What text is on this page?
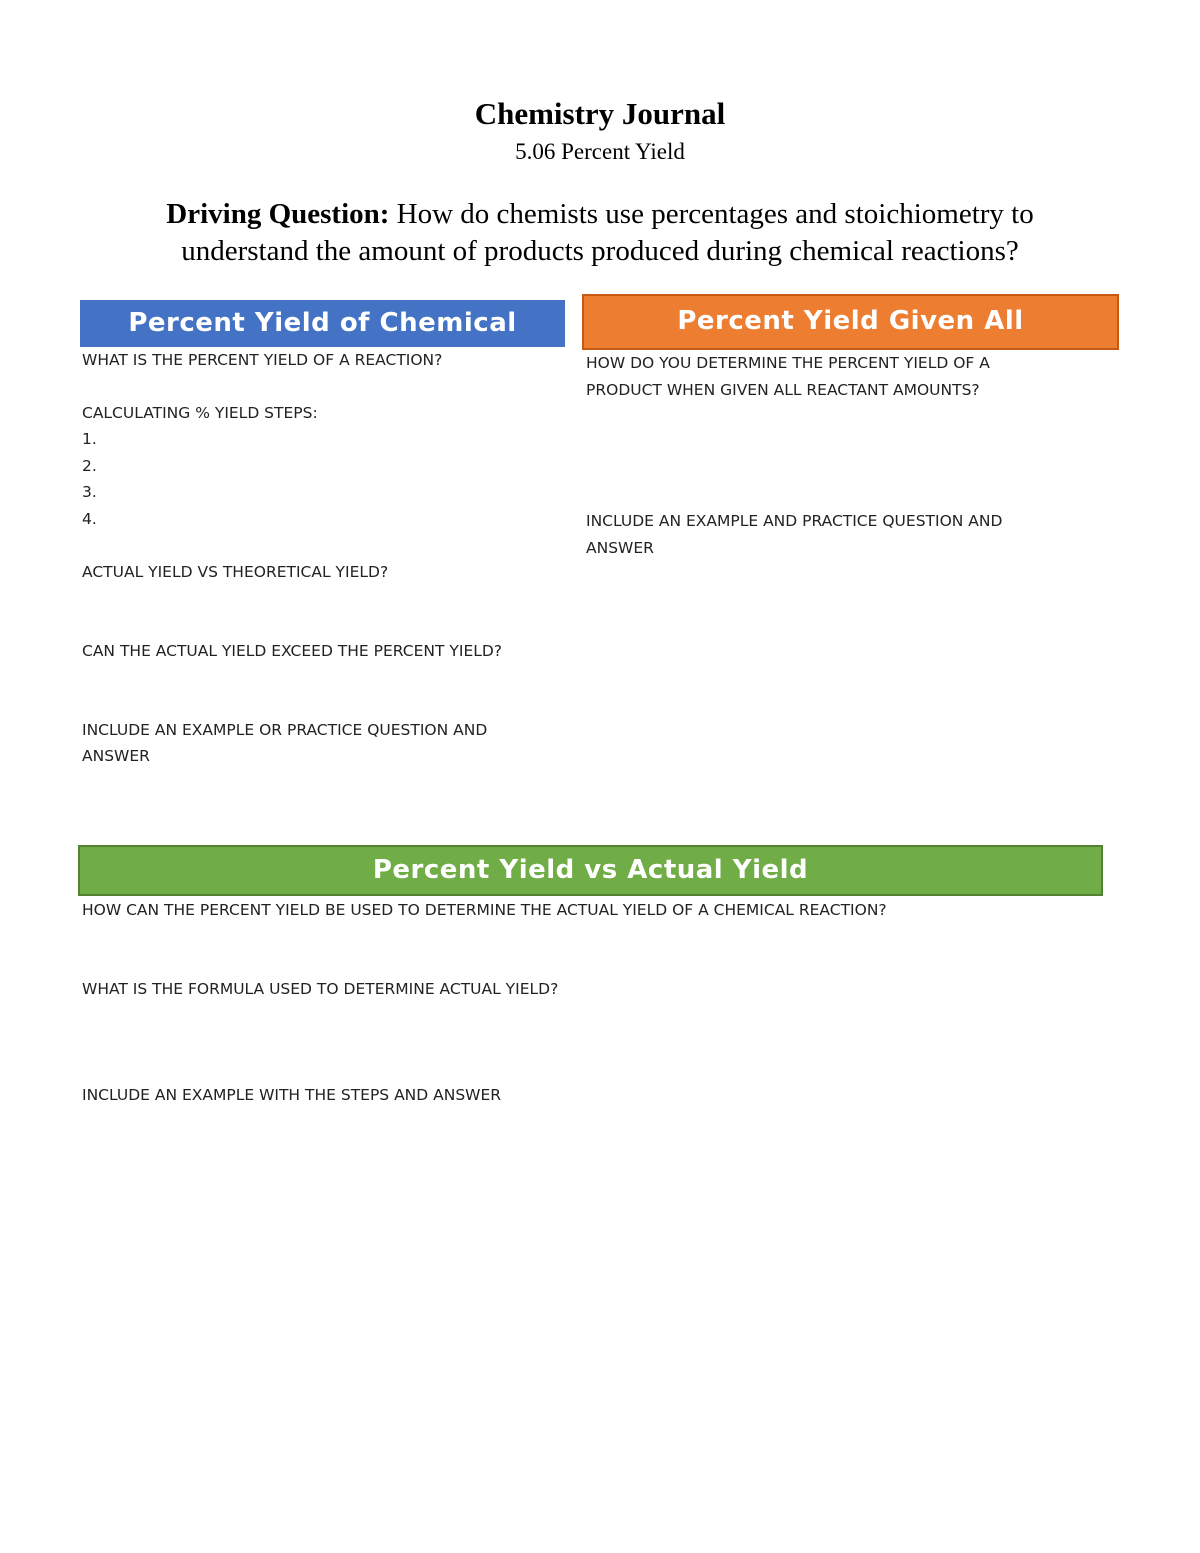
Chemistry Journal
5.06 Percent Yield
Driving Question: How do chemists use percentages and stoichiometry to understand the amount of products produced during chemical reactions?
Percent Yield of Chemical
WHAT IS THE PERCENT YIELD OF A REACTION?
CALCULATING % YIELD STEPS:
1.
2.
3.
4.
ACTUAL YIELD VS THEORETICAL YIELD?
CAN THE ACTUAL YIELD EXCEED THE PERCENT YIELD?
INCLUDE AN EXAMPLE OR PRACTICE QUESTION AND
ANSWER
Percent Yield Given All
HOW DO YOU DETERMINE THE PERCENT YIELD OF A
PRODUCT WHEN GIVEN ALL REACTANT AMOUNTS?
INCLUDE AN EXAMPLE AND PRACTICE QUESTION AND
ANSWER
Percent Yield vs Actual Yield
HOW CAN THE PERCENT YIELD BE USED TO DETERMINE THE ACTUAL YIELD OF A CHEMICAL REACTION?
WHAT IS THE FORMULA USED TO DETERMINE ACTUAL YIELD?
INCLUDE AN EXAMPLE WITH THE STEPS AND ANSWER
